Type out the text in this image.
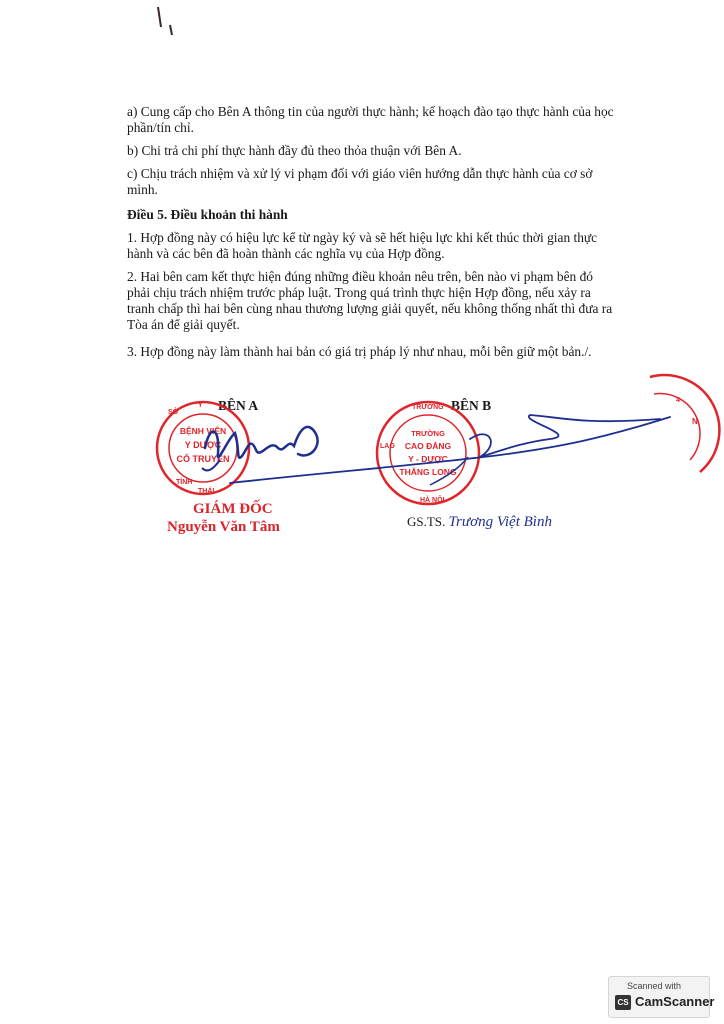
a) Cung cấp cho Bên A thông tin của người thực hành; kế hoạch đào tạo thực hành của học phần/tín chỉ.

b) Chi trả chi phí thực hành đầy đủ theo thỏa thuận với Bên A.

c) Chịu trách nhiệm và xử lý vi phạm đối với giáo viên hướng dẫn thực hành của cơ sở mình.

Điều 5. Điều khoản thi hành

1. Hợp đồng này có hiệu lực kể từ ngày ký và sẽ hết hiệu lực khi kết thúc thời gian thực hành và các bên đã hoàn thành các nghĩa vụ của Hợp đồng.

2. Hai bên cam kết thực hiện đúng những điều khoản nêu trên, bên nào vi phạm bên đó phải chịu trách nhiệm trước pháp luật. Trong quá trình thực hiện Hợp đồng, nếu xảy ra tranh chấp thì hai bên cùng nhau thương lượng giải quyết, nếu không thống nhất thì đưa ra Tòa án để giải quyết.

3. Hợp đồng này làm thành hai bản có giá trị pháp lý như nhau, mỗi bên giữ một bản./.

BÊN A	BÊN B
BỆNH VIỆN
Y DƯỢC
CỔ TRUYỀN
SỞ
Y
TỈNH
THÁI
TRƯỜNG
CAO ĐẲNG
Y - DƯỢC
THĂNG LONG
TRƯỜNG
LAO
HÀ NỘI
N
4
GIÁM ĐỐC
Nguyễn Văn Tâm	GS.TS. Trương Việt Bình
Scanned with
CS CamScanner
